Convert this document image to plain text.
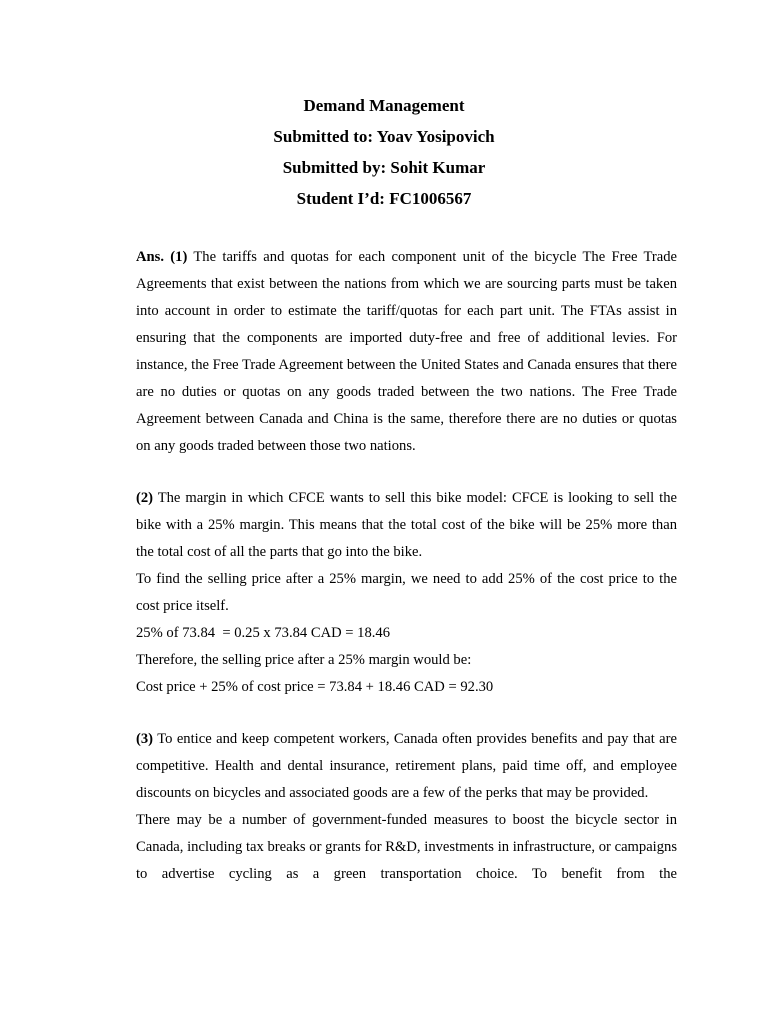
Demand Management
Submitted to: Yoav Yosipovich
Submitted by: Sohit Kumar
Student I’d: FC1006567

Ans. (1) The tariffs and quotas for each component unit of the bicycle The Free Trade Agreements that exist between the nations from which we are sourcing parts must be taken into account in order to estimate the tariff/quotas for each part unit. The FTAs assist in ensuring that the components are imported duty-free and free of additional levies. For instance, the Free Trade Agreement between the United States and Canada ensures that there are no duties or quotas on any goods traded between the two nations. The Free Trade Agreement between Canada and China is the same, therefore there are no duties or quotas on any goods traded between those two nations.

(2) The margin in which CFCE wants to sell this bike model: CFCE is looking to sell the bike with a 25% margin. This means that the total cost of the bike will be 25% more than the total cost of all the parts that go into the bike.

To find the selling price after a 25% margin, we need to add 25% of the cost price to the cost price itself.

25% of 73.84  = 0.25 x 73.84 CAD = 18.46

Therefore, the selling price after a 25% margin would be:

Cost price + 25% of cost price = 73.84 + 18.46 CAD = 92.30

(3) To entice and keep competent workers, Canada often provides benefits and pay that are competitive. Health and dental insurance, retirement plans, paid time off, and employee discounts on bicycles and associated goods are a few of the perks that may be provided.

There may be a number of government-funded measures to boost the bicycle sector in Canada, including tax breaks or grants for R&D, investments in infrastructure, or campaigns to advertise cycling as a green transportation choice. To benefit from the
